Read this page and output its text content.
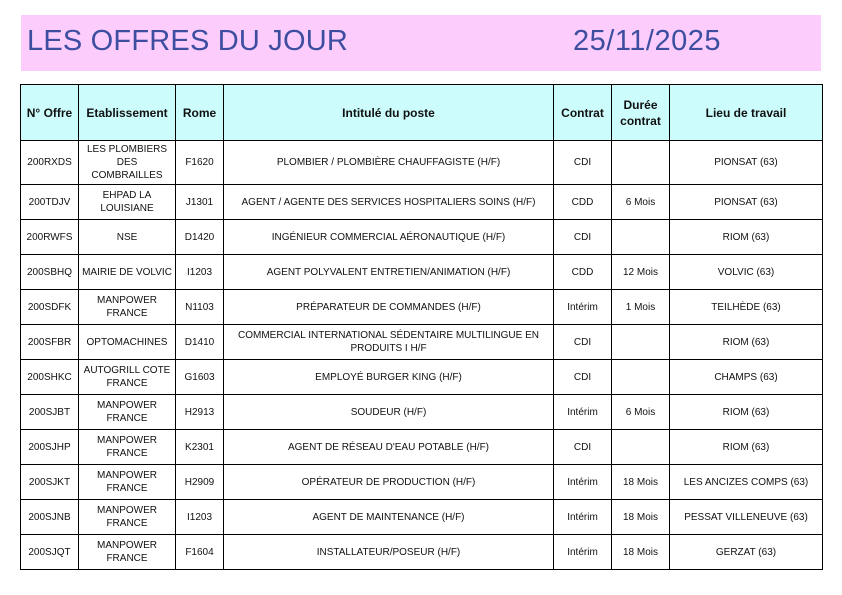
LES OFFRES DU JOUR	25/11/2025
N° Offre	Etablissement	Rome	Intitulé du poste	Contrat	Durée contrat	Lieu de travail
200RXDS	LES PLOMBIERS DES COMBRAILLES	F1620	PLOMBIER / PLOMBIÈRE CHAUFFAGISTE (H/F)	CDI		PIONSAT (63)
200TDJV	EHPAD LA LOUISIANE	J1301	AGENT / AGENTE DES SERVICES HOSPITALIERS SOINS (H/F)	CDD	6 Mois	PIONSAT (63)
200RWFS	NSE	D1420	INGÉNIEUR COMMERCIAL AÉRONAUTIQUE (H/F)	CDI		RIOM (63)
200SBHQ	MAIRIE DE VOLVIC	I1203	AGENT POLYVALENT ENTRETIEN/ANIMATION (H/F)	CDD	12 Mois	VOLVIC (63)
200SDFK	MANPOWER FRANCE	N1103	PRÉPARATEUR DE COMMANDES (H/F)	Intérim	1 Mois	TEILHÈDE (63)
200SFBR	OPTOMACHINES	D1410	COMMERCIAL INTERNATIONAL SÉDENTAIRE MULTILINGUE EN PRODUITS I H/F	CDI		RIOM (63)
200SHKC	AUTOGRILL COTE FRANCE	G1603	EMPLOYÉ BURGER KING (H/F)	CDI		CHAMPS (63)
200SJBT	MANPOWER FRANCE	H2913	SOUDEUR (H/F)	Intérim	6 Mois	RIOM (63)
200SJHP	MANPOWER FRANCE	K2301	AGENT DE RÉSEAU D'EAU POTABLE (H/F)	CDI		RIOM (63)
200SJKT	MANPOWER FRANCE	H2909	OPÉRATEUR DE PRODUCTION (H/F)	Intérim	18 Mois	LES ANCIZES COMPS (63)
200SJNB	MANPOWER FRANCE	I1203	AGENT DE MAINTENANCE (H/F)	Intérim	18 Mois	PESSAT VILLENEUVE (63)
200SJQT	MANPOWER FRANCE	F1604	INSTALLATEUR/POSEUR (H/F)	Intérim	18 Mois	GERZAT (63)
